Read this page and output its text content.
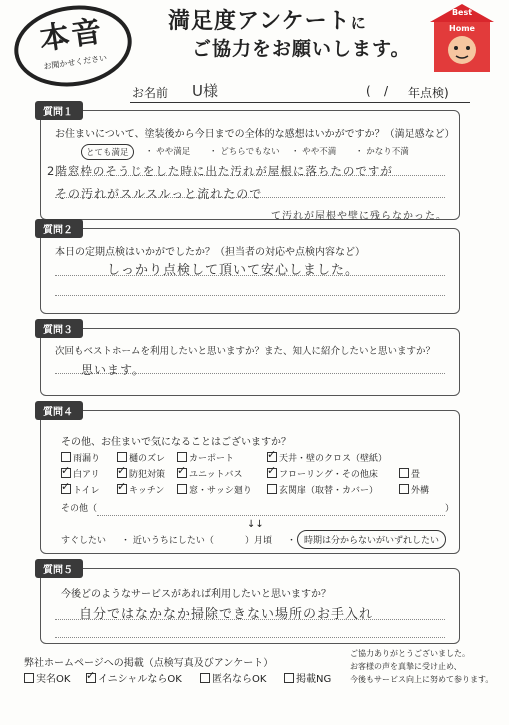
本音
お聞かせください
満足度アンケートに
ご協力をお願いします。
Best
Home
お名前 U様	( / 年点検)
質問１
お住まいについて、塗装後から今日までの全体的な感想はいかがですか？（満足感など）
とても満足	・ やや満足 ・ どちらでもない ・ やや不満 ・ かなり不満
2階窓枠のそうじをした時に出た汚れが屋根に落ちたのですが
その汚れがスルスルっと流れたので
て汚れが屋根や壁に残らなかった。
質問２
本日の定期点検はいかがでしたか？（担当者の対応や点検内容など）
しっかり点検して頂いて安心しました。
質問３
次回もベストホームを利用したいと思いますか？また、知人に紹介したいと思いますか？
思います。
質問４
その他、お住まいで気になることはございますか？
その他（	）
↓↓
すぐしたい ・ 近いうちにしたい（	）月頃 ・ 時期は分からないがいずれしたい
雨漏り	樋のズレ	カーポート ✓	天井・壁のクロス（壁紙）
✓白アリ ✓	防犯対策 ✓	ユニットバス ✓	フローリング・その他床	畳
✓トイレ ✓	キッチン	窓・サッシ廻り	玄関扉（取替・カバー）	外構
質問５
今後どのようなサービスがあれば利用したいと思いますか？
自分ではなかなか掃除できない場所のお手入れ
弊社ホームページへの掲載（点検写真及びアンケート）
ご協力ありがとうございました。
お客様の声を真摯に受け止め、
今後もサービス向上に努めて参ります。
実名OK ✓	イニシャルならOK	匿名ならOK	掲載NG
